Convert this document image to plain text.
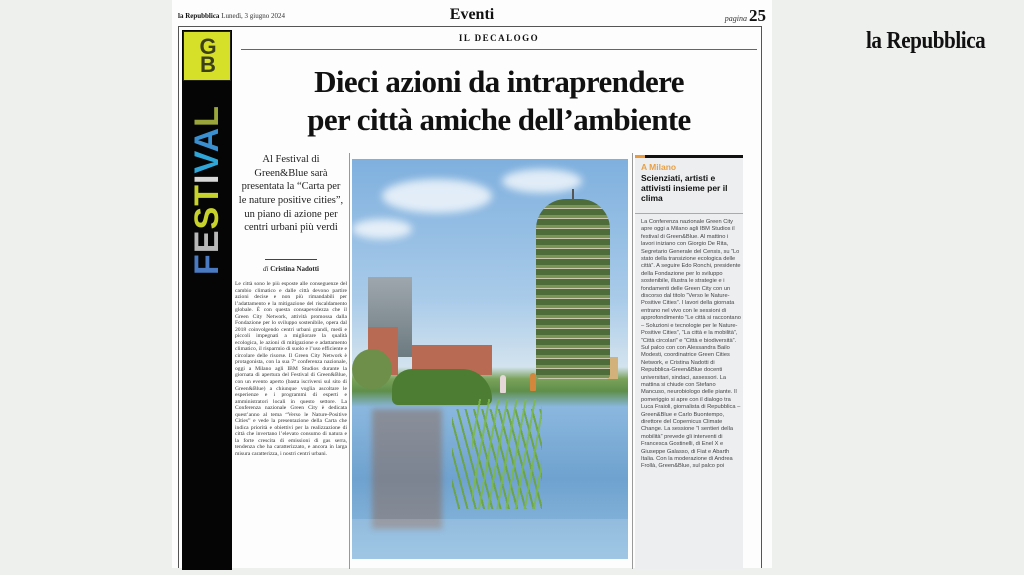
la Repubblica
la Repubblica Lunedì, 3 giugno 2024	Eventi	pagina 25
G
B
FESTIVAL
IL DECALOGO
Dieci azioni da intraprendere
per città amiche dell’ambiente
Al Festival di Green&Blue sarà presentata la “Carta per le nature positive cities”, un piano di azione per centri urbani più verdi
di Cristina Nadotti
Le città sono le più esposte alle conseguenze del cambio climatico e dalle città devono partire azioni decise e non più rimandabili per l’adattamento e la mitigazione del riscaldamento globale. È con questa consapevolezza che il Green City Network, attività promossa dalla Fondazione per lo sviluppo sostenibile, opera dal 2018 coinvolgendo centri urbani grandi, medi e piccoli impegnati a migliorare la qualità ecologica, le azioni di mitigazione e adattamento climatico, il risparmio di suolo e l’uso efficiente e circolare delle risorse. Il Green City Network è protagonista, con la sua 7ª conferenza nazionale, oggi a Milano agli IBM Studios durante la giornata di apertura del Festival di Green&Blue, con un evento aperto (basta iscriversi sul sito di Green&Blue) a chiunque voglia ascoltare le esperienze e i programmi di esperti e amministratori locali in questo settore. La Conferenza nazionale Green City è dedicata quest’anno al tema “Verso le Nature-Positive Cities” e vede la presentazione della Carta che indica priorità e obiettivi per la realizzazione di città che invertano l’elevato consumo di natura e la forte crescita di emissioni di gas serra, tendenza che ha caratterizzato, e ancora in larga misura caratterizza, i nostri centri urbani.
A Milano
Scienziati, artisti e attivisti insieme per il clima
La Conferenza nazionale Green City apre oggi a Milano agli IBM Studios il festival di Green&Blue. Al mattino i lavori iniziano con Giorgio De Rita, Segretario Generale del Censis, su “Lo stato della transizione ecologica delle città”. A seguire Edo Ronchi, presidente della Fondazione per lo sviluppo sostenibile, illustra le strategie e i fondamenti delle Green City con un discorso dal titolo “Verso le Nature-Positive Cities”. I lavori della giornata entrano nel vivo con le sessioni di approfondimento “Le città si raccontano – Soluzioni e tecnologie per le Nature-Positive Cities”, “La città e la mobilità”, “Città circolari” e “Città e biodiversità”. Sul palco con con Alessandra Bailo Modesti, coordinatrice Green Cities Network, e Cristina Nadotti di Repubblica-Green&Blue docenti universitari, sindaci, assessori. La mattina si chiude con Stefano Mancuso, neurobiologo delle piante. Il pomeriggio si apre con il dialogo tra Luca Fraioli, giornalista di Repubblica – Green&Blue e Carlo Buontempo, direttore del Copernicus Climate Change. La sessione “I sentieri della mobilità” prevede gli interventi di Francesca Gostinelli, di Enel X e Giuseppe Galasso, di Fiat e Abarth Italia. Con la moderazione di Andrea Frollà, Green&Blue, sul palco poi
